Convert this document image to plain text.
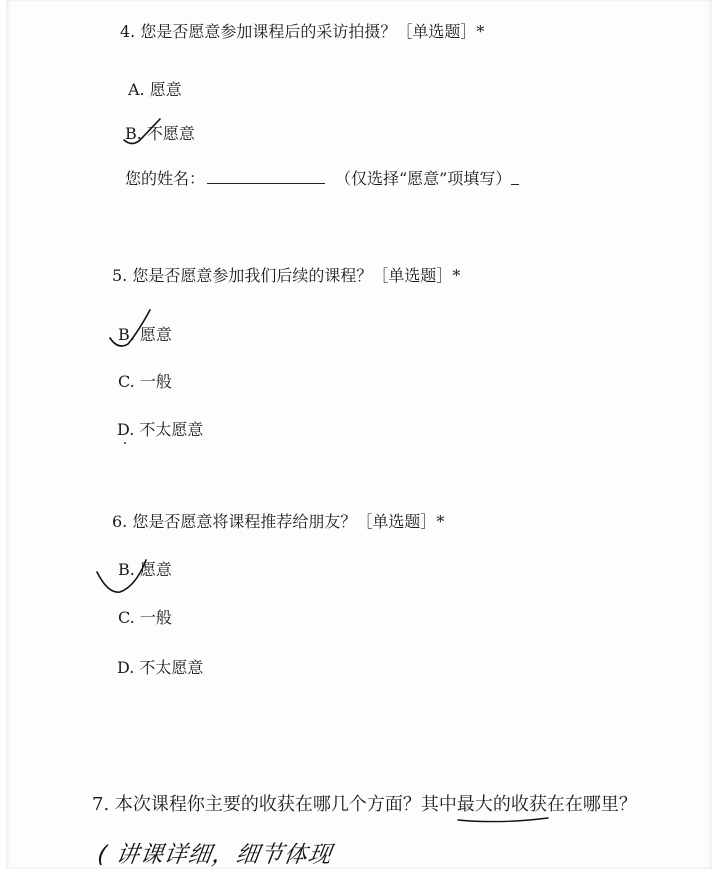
4. 您是否愿意参加课程后的采访拍摄？［单选题］*
A. 愿意
B. 不愿意
您的姓名：	（仅选择“愿意”项填写）
5. 您是否愿意参加我们后续的课程？［单选题］*
B. 愿意
C. 一般
D. 不太愿意
6. 您是否愿意将课程推荐给朋友？［单选题］*
B. 愿意
C. 一般
D. 不太愿意
7. 本次课程你主要的收获在哪几个方面？其中最大的收获在在哪里？
( 讲课详细，细节体现
